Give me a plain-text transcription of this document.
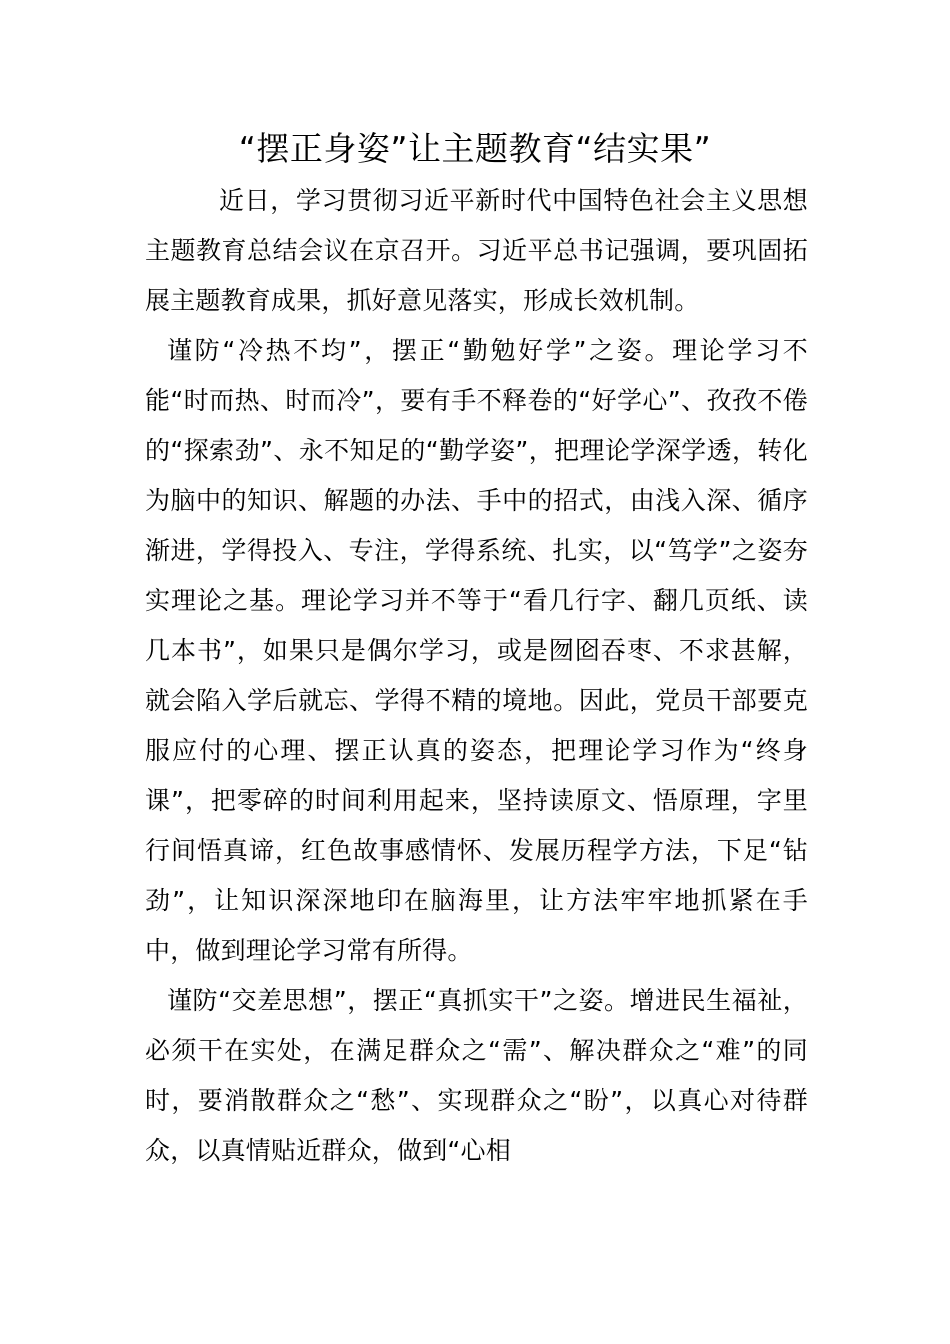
“摆正身姿”让主题教育“结实果”

近日，学习贯彻习近平新时代中国特色社会主义思想主题教育总结会议在京召开。习近平总书记强调，要巩固拓展主题教育成果，抓好意见落实，形成长效机制。

谨防“冷热不均”，摆正“勤勉好学”之姿。理论学习不能“时而热、时而冷”，要有手不释卷的“好学心”、孜孜不倦的“探索劲”、永不知足的“勤学姿”，把理论学深学透，转化为脑中的知识、解题的办法、手中的招式，由浅入深、循序渐进，学得投入、专注，学得系统、扎实，以“笃学”之姿夯实理论之基。理论学习并不等于“看几行字、翻几页纸、读几本书”，如果只是偶尔学习，或是囫囵吞枣、不求甚解，就会陷入学后就忘、学得不精的境地。因此，党员干部要克服应付的心理、摆正认真的姿态，把理论学习作为“终身课”，把零碎的时间利用起来，坚持读原文、悟原理，字里行间悟真谛，红色故事感情怀、发展历程学方法，下足“钻劲”，让知识深深地印在脑海里，让方法牢牢地抓紧在手中，做到理论学习常有所得。

谨防“交差思想”，摆正“真抓实干”之姿。增进民生福祉，必须干在实处，在满足群众之“需”、解决群众之“难”的同时，要消散群众之“愁”、实现群众之“盼”，以真心对待群众，以真情贴近群众，做到“心相
